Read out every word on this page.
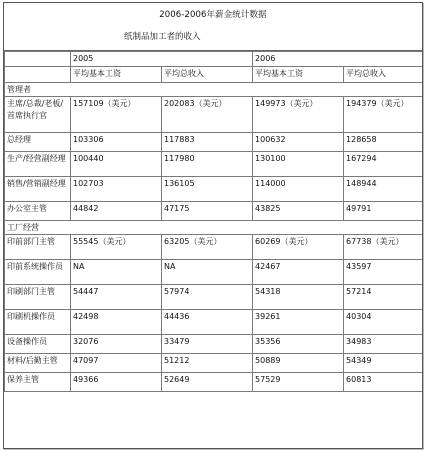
2006-2006年薪金统计数据
纸制品加工者的收入
	2005		2006	
	平均基本工资	平均总收入	平均基本工资	平均总收入
管理者				
主席/总裁/老板/首席执行官	157109（美元）	202083（美元）	149973（美元）	194379（美元）
总经理	103306	117883	100632	128658
生产/经营副经理	100440	117980	130100	167294
销售/营销副经理	102703	136105	114000	148944
办公室主管	44842	47175	43825	49791
工厂经营				
印前部门主管	55545（美元）	63205（美元）	60269（美元）	67738（美元）
印前系统操作员	NA	NA	42467	43597
印刷部门主管	54447	57974	54318	57214
印刷机操作员	42498	44436	39261	40304
设备操作员	32076	33479	35356	34983
材料/后勤主管	47097	51212	50889	54349
保养主管	49366	52649	57529	60813
